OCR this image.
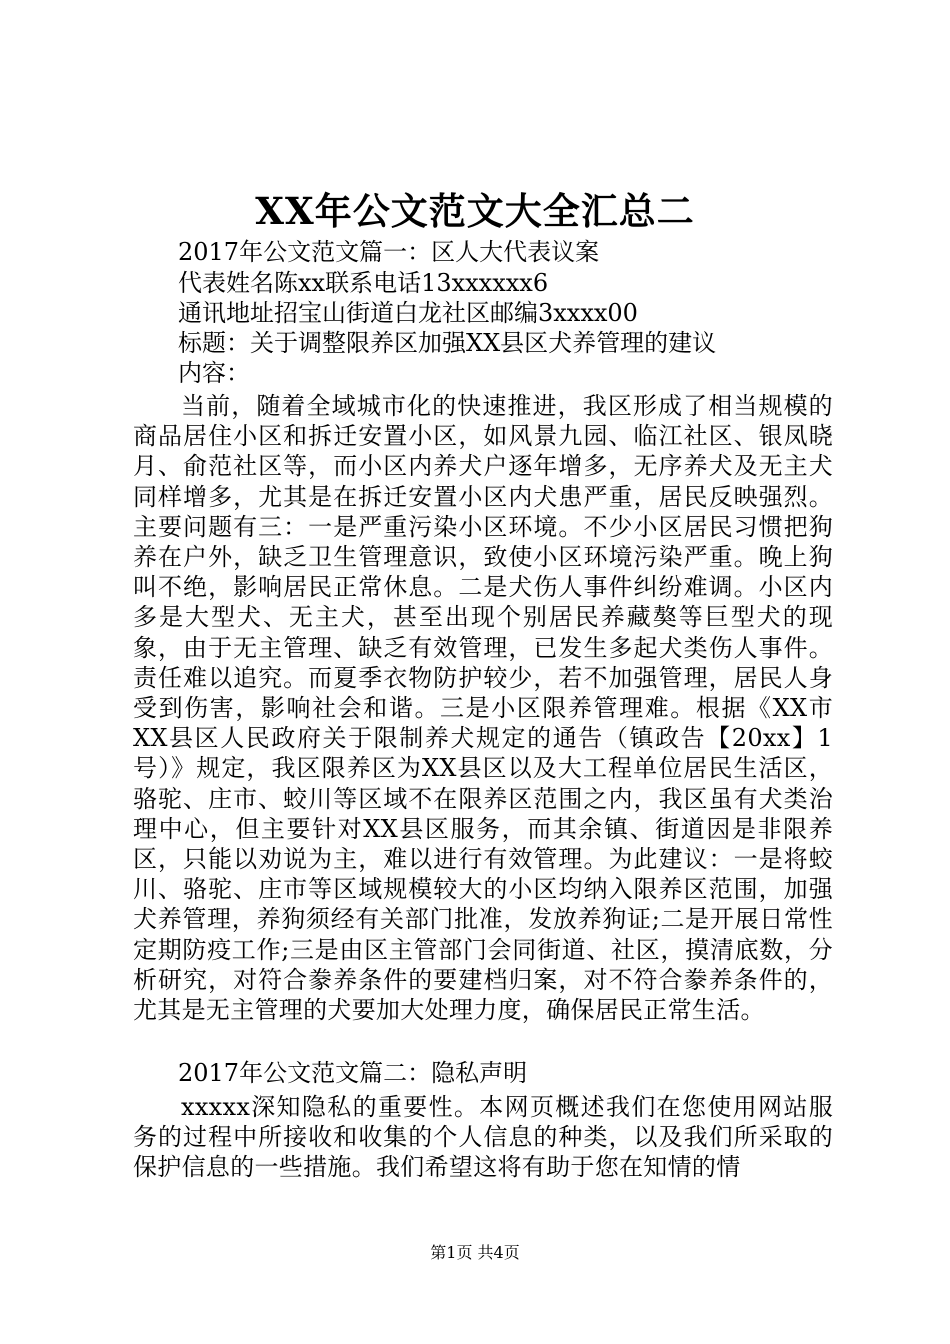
XX年公文范文大全汇总二
2017年公文范文篇一：区人大代表议案
代表姓名陈xx联系电话13xxxxxx6
通讯地址招宝山街道白龙社区邮编3xxxx00
标题：关于调整限养区加强XX县区犬养管理的建议
内容：
当前，随着全域城市化的快速推进，我区形成了相当规模的商品居住小区和拆迁安置小区，如风景九园、临江社区、银凤晓月、俞范社区等，而小区内养犬户逐年增多，无序养犬及无主犬同样增多，尤其是在拆迁安置小区内犬患严重，居民反映强烈。主要问题有三：一是严重污染小区环境。不少小区居民习惯把狗养在户外，缺乏卫生管理意识，致使小区环境污染严重。晚上狗叫不绝，影响居民正常休息。二是犬伤人事件纠纷难调。小区内多是大型犬、无主犬，甚至出现个别居民养藏獒等巨型犬的现象，由于无主管理、缺乏有效管理，已发生多起犬类伤人事件。责任难以追究。而夏季衣物防护较少，若不加强管理，居民人身受到伤害，影响社会和谐。三是小区限养管理难。根据《XX市XX县区人民政府关于限制养犬规定的通告（镇政告【20xx】1号）》规定，我区限养区为XX县区以及大工程单位居民生活区，骆驼、庄市、蛟川等区域不在限养区范围之内，我区虽有犬类治理中心，但主要针对XX县区服务，而其余镇、街道因是非限养区，只能以劝说为主，难以进行有效管理。为此建议：一是将蛟川、骆驼、庄市等区域规模较大的小区均纳入限养区范围，加强犬养管理，养狗须经有关部门批准，发放养狗证;二是开展日常性定期防疫工作;三是由区主管部门会同街道、社区，摸清底数，分析研究，对符合豢养条件的要建档归案，对不符合豢养条件的，尤其是无主管理的犬要加大处理力度，确保居民正常生活。
2017年公文范文篇二：隐私声明
xxxxx深知隐私的重要性。本网页概述我们在您使用网站服务的过程中所接收和收集的个人信息的种类，以及我们所采取的保护信息的一些措施。我们希望这将有助于您在知情的情
第1页 共4页
